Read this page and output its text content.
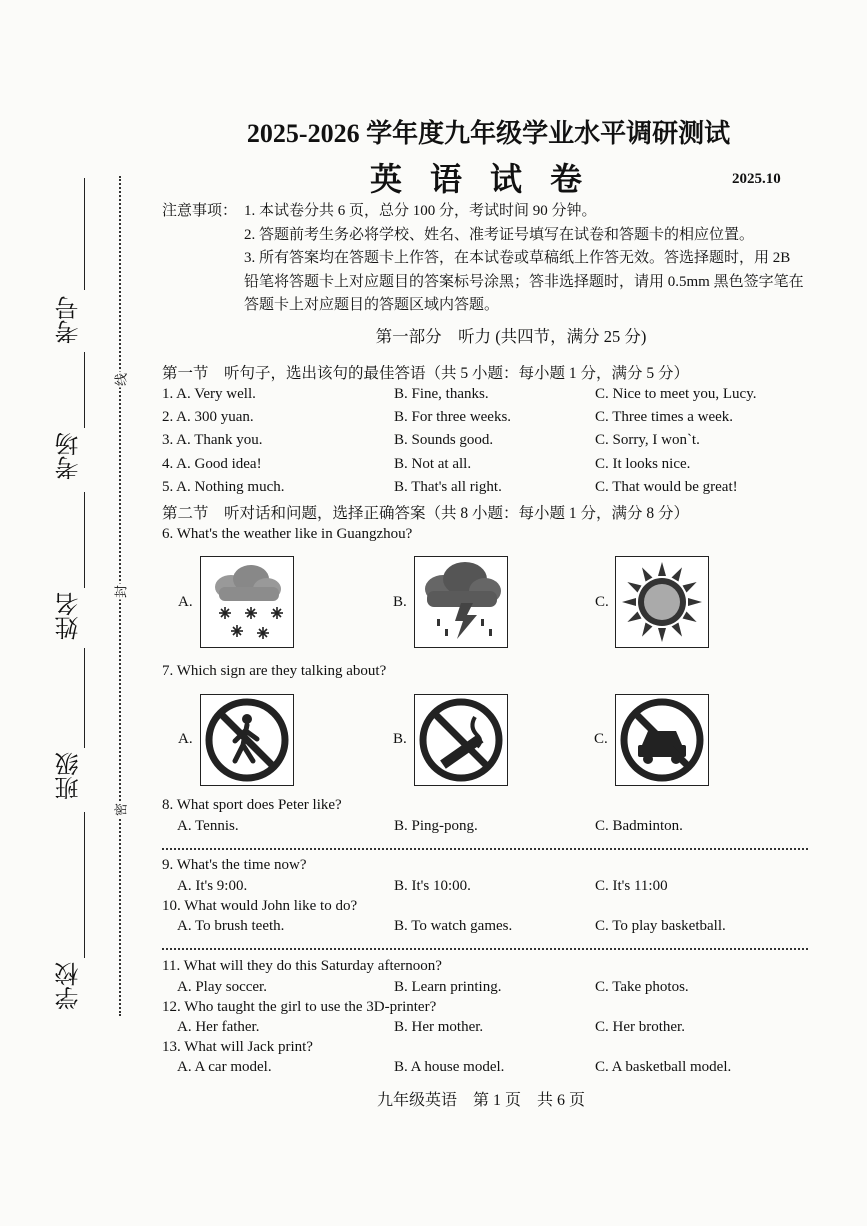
考号
考场
姓名
班级
学校
线
封
密
2025-2026 学年度九年级学业水平调研测试
英 语 试 卷	2025.10
注意事项： 1. 本试卷分共 6 页，总分 100 分，考试时间 90 分钟。
2. 答题前考生务必将学校、姓名、准考证号填写在试卷和答题卡的相应位置。
3. 所有答案均在答题卡上作答，在本试卷或草稿纸上作答无效。答选择题时，用 2B 铅笔将答题卡上对应题目的答案标号涂黑；答非选择题时，请用 0.5mm 黑色签字笔在答题卡上对应题目的答题区域内答题。
第一部分　听力 (共四节，满分 25 分)
第一节　听句子，选出该句的最佳答语（共 5 小题：每小题 1 分，满分 5 分）
1. A. Very well.	B. Fine, thanks.	C. Nice to meet you, Lucy.
2. A. 300 yuan.	B. For three weeks.	C. Three times a week.
3. A. Thank you.	B. Sounds good.	C. Sorry, I won`t.
4. A. Good idea!	B. Not at all.	C. It looks nice.
5. A. Nothing much.	B. That's all right.	C. That would be great!
第二节　听对话和问题，选择正确答案（共 8 小题：每小题 1 分，满分 8 分）
6. What's the weather like in Guangzhou?
A.	B.	C.
7. Which sign are they talking about?
A.	B.	C.
8. What sport does Peter like?
A. Tennis.	B. Ping-pong.	C. Badminton.
9. What's the time now?
A. It's 9:00.	B. It's 10:00.	C. It's 11:00
10. What would John like to do?
A. To brush teeth.	B. To watch games.	C. To play basketball.
11. What will they do this Saturday afternoon?
A. Play soccer.	B. Learn printing.	C. Take photos.
12. Who taught the girl to use the 3D-printer?
A. Her father.	B. Her mother.	C. Her brother.
13. What will Jack print?
A. A car model.	B. A house model.	C. A basketball model.
九年级英语　第 1 页　共 6 页
